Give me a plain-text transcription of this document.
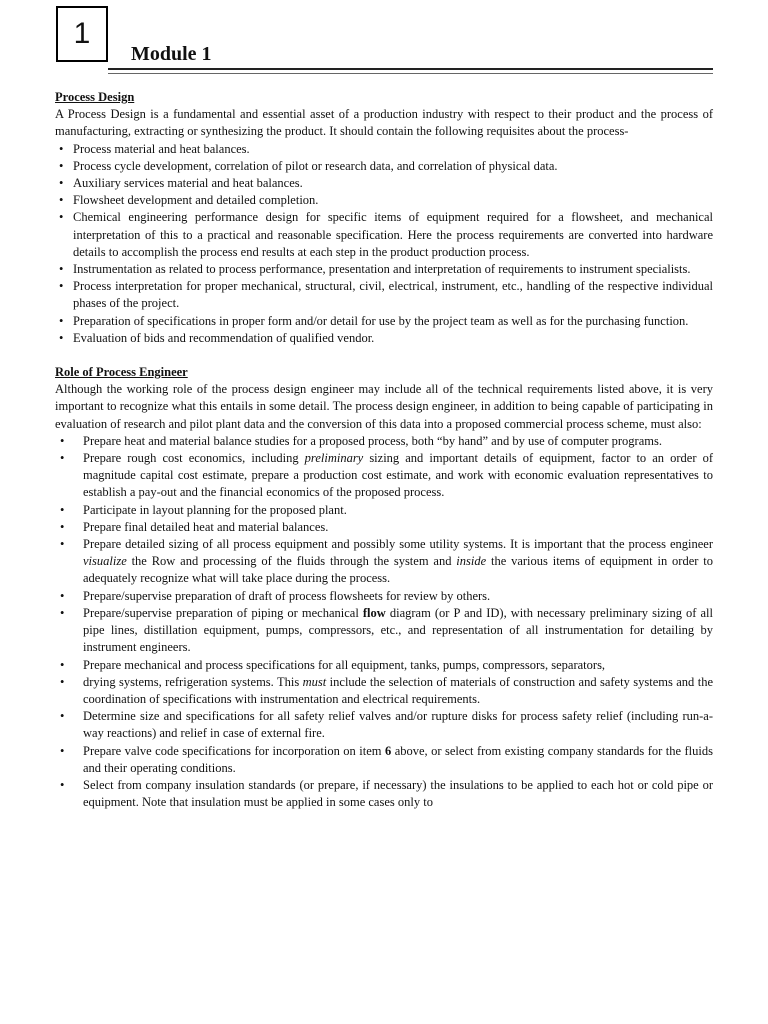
1
Module 1
Process Design
A Process Design is a fundamental and essential asset of a production industry with respect to their product and the process of manufacturing, extracting or synthesizing the product. It should contain the following requisites about the process-
• Process material and heat balances.
• Process cycle development, correlation of pilot or research data, and correlation of physical data.
• Auxiliary services material and heat balances.
• Flowsheet development and detailed completion.
• Chemical engineering performance design for specific items of equipment required for a flowsheet, and mechanical interpretation of this to a practical and reasonable specification. Here the process requirements are converted into hardware details to accomplish the process end results at each step in the product production process.
• Instrumentation as related to process performance, presentation and interpretation of requirements to instrument specialists.
• Process interpretation for proper mechanical, structural, civil, electrical, instrument, etc., handling of the respective individual phases of the project.
• Preparation of specifications in proper form and/or detail for use by the project team as well as for the purchasing function.
• Evaluation of bids and recommendation of qualified vendor.
Role of Process Engineer
Although the working role of the process design engineer may include all of the technical requirements listed above, it is very important to recognize what this entails in some detail. The process design engineer, in addition to being capable of participating in evaluation of research and pilot plant data and the conversion of this data into a proposed commercial process scheme, must also:
• Prepare heat and material balance studies for a proposed process, both “by hand” and by use of computer programs.
• Prepare rough cost economics, including preliminary sizing and important details of equipment, factor to an order of magnitude capital cost estimate, prepare a production cost estimate, and work with economic evaluation representatives to establish a pay-out and the financial economics of the proposed process.
• Participate in layout planning for the proposed plant.
• Prepare final detailed heat and material balances.
• Prepare detailed sizing of all process equipment and possibly some utility systems. It is important that the process engineer visualize the Row and processing of the fluids through the system and inside the various items of equipment in order to adequately recognize what will take place during the process.
• Prepare/supervise preparation of draft of process flowsheets for review by others.
• Prepare/supervise preparation of piping or mechanical flow diagram (or P and ID), with necessary preliminary sizing of all pipe lines, distillation equipment, pumps, compressors, etc., and representation of all instrumentation for detailing by instrument engineers.
• Prepare mechanical and process specifications for all equipment, tanks, pumps, compressors, separators,
• drying systems, refrigeration systems. This must include the selection of materials of construction and safety systems and the coordination of specifications with instrumentation and electrical requirements.
• Determine size and specifications for all safety relief valves and/or rupture disks for process safety relief (including run-a-way reactions) and relief in case of external fire.
• Prepare valve code specifications for incorporation on item 6 above, or select from existing company standards for the fluids and their operating conditions.
• Select from company insulation standards (or prepare, if necessary) the insulations to be applied to each hot or cold pipe or equipment. Note that insulation must be applied in some cases only to
